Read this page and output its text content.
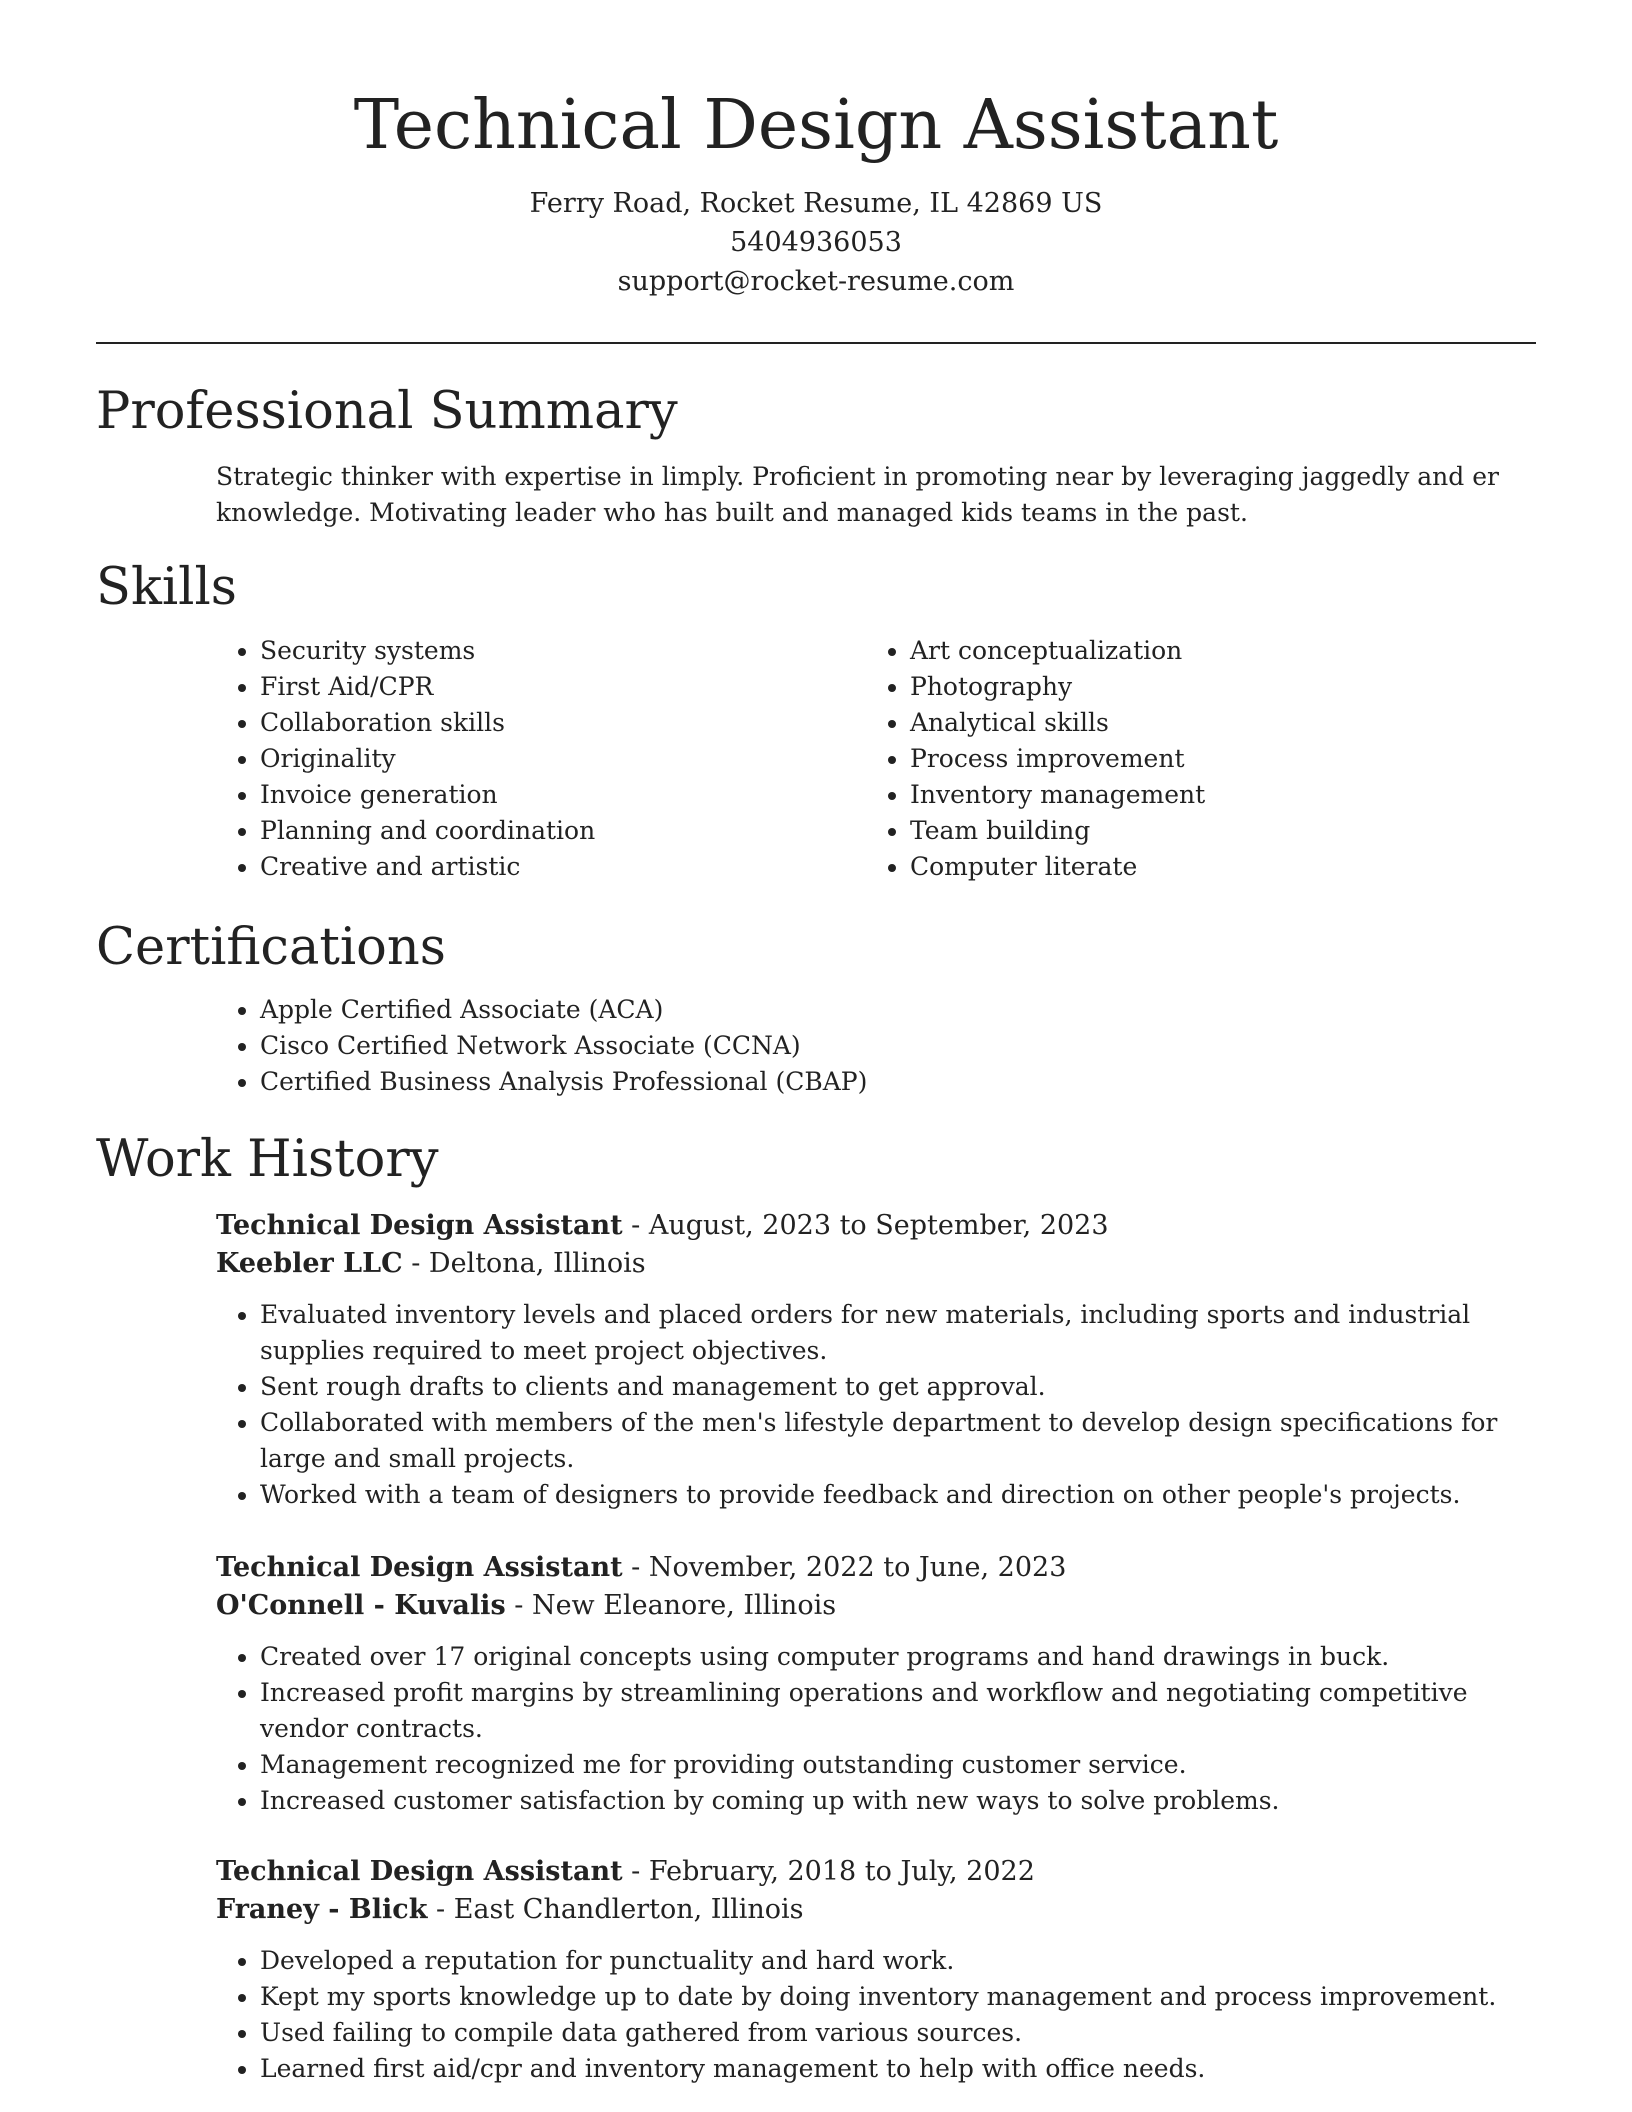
Technical Design Assistant
Ferry Road, Rocket Resume, IL 42869 US
5404936053
support@rocket-resume.com
Professional Summary

Strategic thinker with expertise in limply. Proficient in promoting near by leveraging jaggedly and er knowledge. Motivating leader who has built and managed kids teams in the past.

Skills
• Security systems
• First Aid/CPR
• Collaboration skills
• Originality
• Invoice generation
• Planning and coordination
• Creative and artistic
• Art conceptualization
• Photography
• Analytical skills
• Process improvement
• Inventory management
• Team building
• Computer literate
Certifications
• Apple Certified Associate (ACA)
• Cisco Certified Network Associate (CCNA)
• Certified Business Analysis Professional (CBAP)
Work History
Technical Design Assistant - August, 2023 to September, 2023
Keebler LLC - Deltona, Illinois
• Evaluated inventory levels and placed orders for new materials, including sports and industrial supplies required to meet project objectives.
• Sent rough drafts to clients and management to get approval.
• Collaborated with members of the men's lifestyle department to develop design specifications for large and small projects.
• Worked with a team of designers to provide feedback and direction on other people's projects.
Technical Design Assistant - November, 2022 to June, 2023
O'Connell - Kuvalis - New Eleanore, Illinois
• Created over 17 original concepts using computer programs and hand drawings in buck.
• Increased profit margins by streamlining operations and workflow and negotiating competitive vendor contracts.
• Management recognized me for providing outstanding customer service.
• Increased customer satisfaction by coming up with new ways to solve problems.
Technical Design Assistant - February, 2018 to July, 2022
Franey - Blick - East Chandlerton, Illinois
• Developed a reputation for punctuality and hard work.
• Kept my sports knowledge up to date by doing inventory management and process improvement.
• Used failing to compile data gathered from various sources.
• Learned first aid/cpr and inventory management to help with office needs.
